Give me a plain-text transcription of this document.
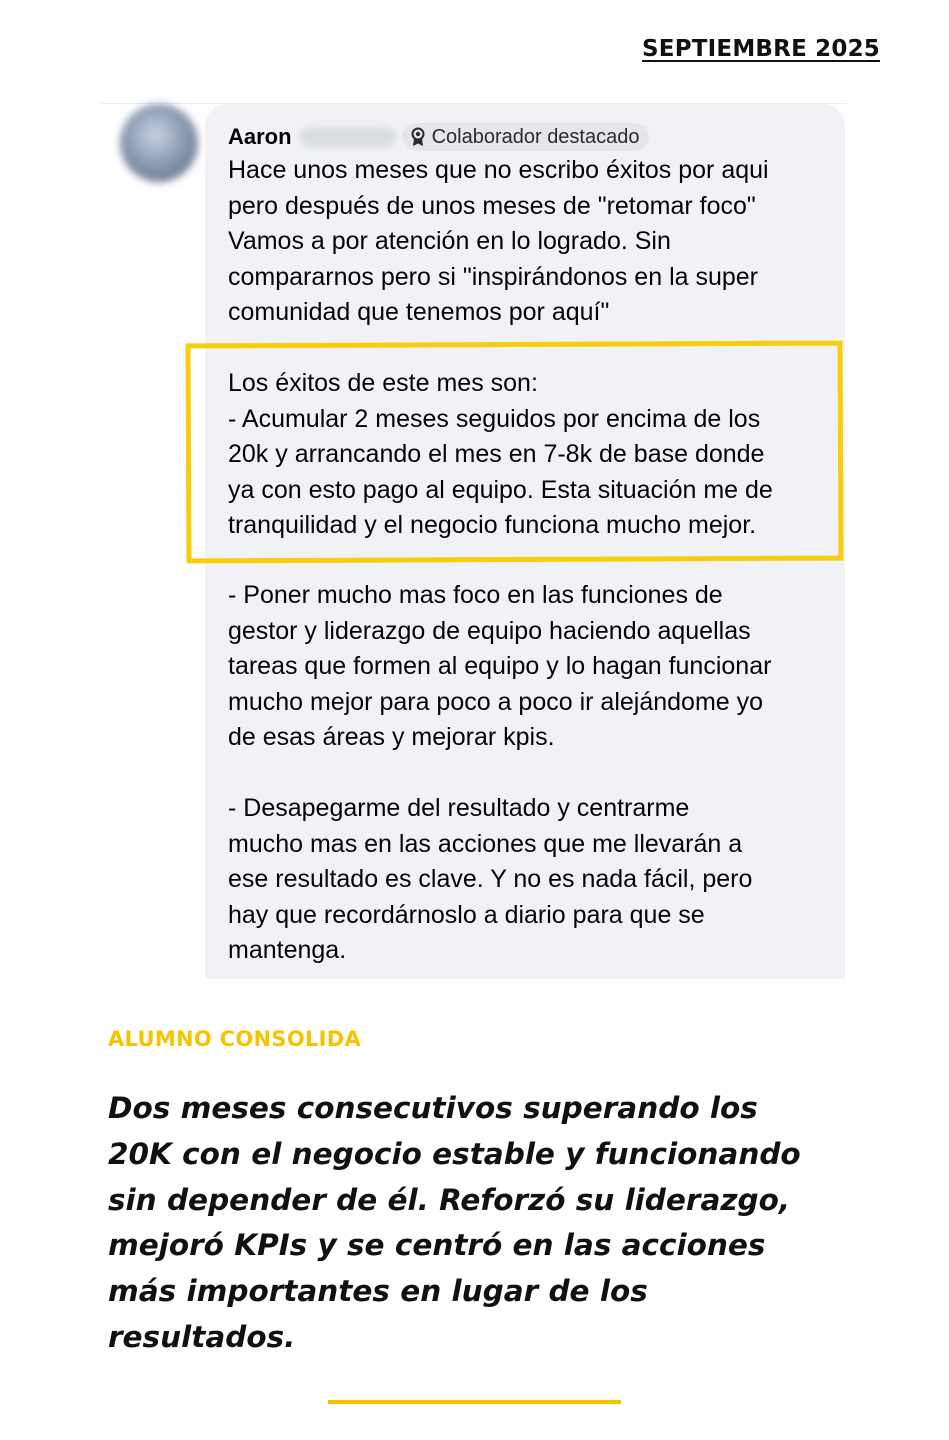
SEPTIEMBRE 2025
Aaron	Colaborador destacado

Hace unos meses que no escribo éxitos por aqui
pero después de unos meses de "retomar foco"
Vamos a por atención en lo logrado. Sin
compararnos pero si "inspirándonos en la super
comunidad que tenemos por aquí"

Los éxitos de este mes son:
- Acumular 2 meses seguidos por encima de los
20k y arrancando el mes en 7-8k de base donde
ya con esto pago al equipo. Esta situación me de
tranquilidad y el negocio funciona mucho mejor.

- Poner mucho mas foco en las funciones de
gestor y liderazgo de equipo haciendo aquellas
tareas que formen al equipo y lo hagan funcionar
mucho mejor para poco a poco ir alejándome yo
de esas áreas y mejorar kpis.

- Desapegarme del resultado y centrarme
mucho mas en las acciones que me llevarán a
ese resultado es clave. Y no es nada fácil, pero
hay que recordárnoslo a diario para que se
mantenga.

ALUMNO CONSOLIDA

Dos meses consecutivos superando los
20K con el negocio estable y funcionando
sin depender de él. Reforzó su liderazgo,
mejoró KPIs y se centró en las acciones
más importantes en lugar de los
resultados.
